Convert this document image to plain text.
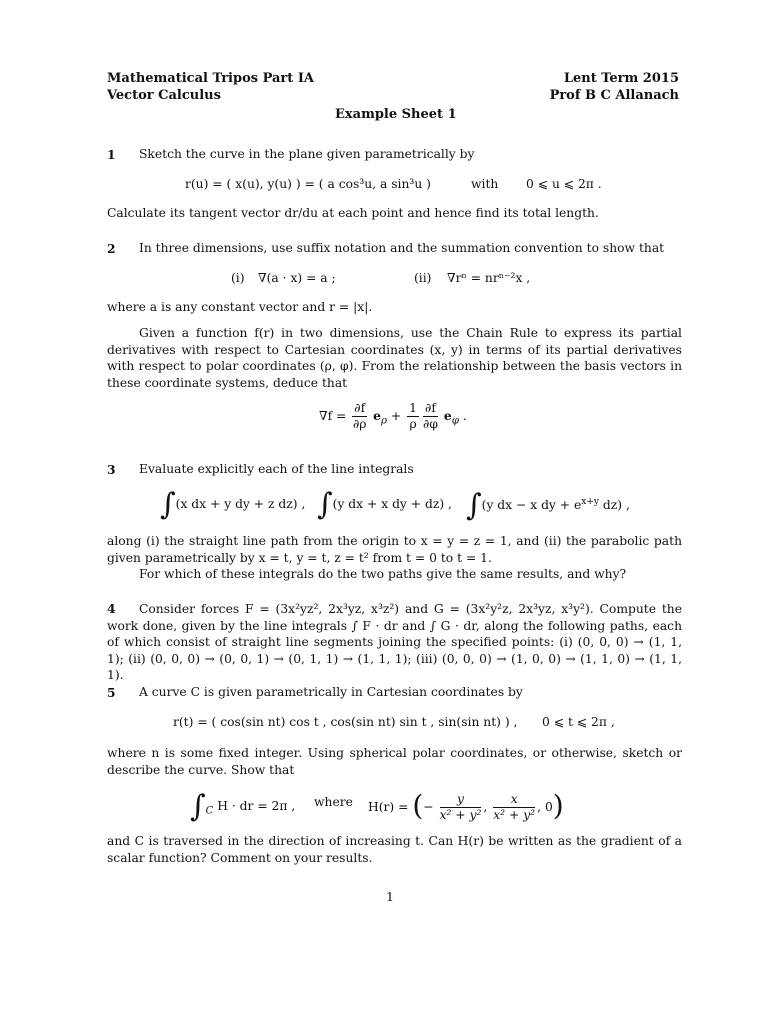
Mathematical Tripos Part IA
Vector Calculus
Lent Term 2015
Prof B C Allanach
Example Sheet 1
1 Sketch the curve in the plane given parametrically by
r(u) = ( x(u), y(u) ) = ( a cos³u, a sin³u )	with 0 ⩽ u ⩽ 2π .
Calculate its tangent vector dr/du at each point and hence find its total length.
2 In three dimensions, use suffix notation and the summation convention to show that
(i) ∇(a · x) = a ;	(ii) ∇rⁿ = nrⁿ⁻²x ,
where a is any constant vector and r = |x|.
Given a function f(r) in two dimensions, use the Chain Rule to express its partial derivatives with respect to Cartesian coordinates (x, y) in terms of its partial derivatives with respect to polar coordinates (ρ, φ). From the relationship between the basis vectors in these coordinate systems, deduce that
$\nabla f = \frac{\partial f}{\partial\rho} e_\rho + \frac{1}{\rho} \frac{\partial f}{\partial\varphi} e_\varphi$ .
3 Evaluate explicitly each of the line integrals
∫(x dx + y dy + z dz) , ∫(y dx + x dy + dz) , ∫(y dx − x dy + $e^{x+y}$ dz) ,
along (i) the straight line path from the origin to x = y = z = 1, and (ii) the parabolic path given parametrically by x = t, y = t, z = t² from t = 0 to t = 1.
For which of these integrals do the two paths give the same results, and why?
4	Consider forces F = (3x²yz², 2x³yz, x³z²) and G = (3x²y²z, 2x³yz, x³y²). Compute the work done, given by the line integrals ∫ F · dr and ∫ G · dr, along the following paths, each of which consist of straight line segments joining the specified points: (i) (0, 0, 0) → (1, 1, 1); (ii) (0, 0, 0) → (0, 0, 1) → (0, 1, 1) → (1, 1, 1); (iii) (0, 0, 0) → (1, 0, 0) → (1, 1, 0) → (1, 1, 1).
5 A curve C is given parametrically in Cartesian coordinates by
r(t) = ( cos(sin nt) cos t , cos(sin nt) sin t , sin(sin nt) ) , 0 ⩽ t ⩽ 2π ,
where n is some fixed integer. Using spherical polar coordinates, or otherwise, sketch or describe the curve. Show that
$\int_C$ H · dr = 2π , where H(r) = (− $\frac{y}{\text{x² + y²}}$ , $\frac{x}{\text{x² + y²}}$ , 0)
and C is traversed in the direction of increasing t. Can H(r) be written as the gradient of a scalar function? Comment on your results.
1
